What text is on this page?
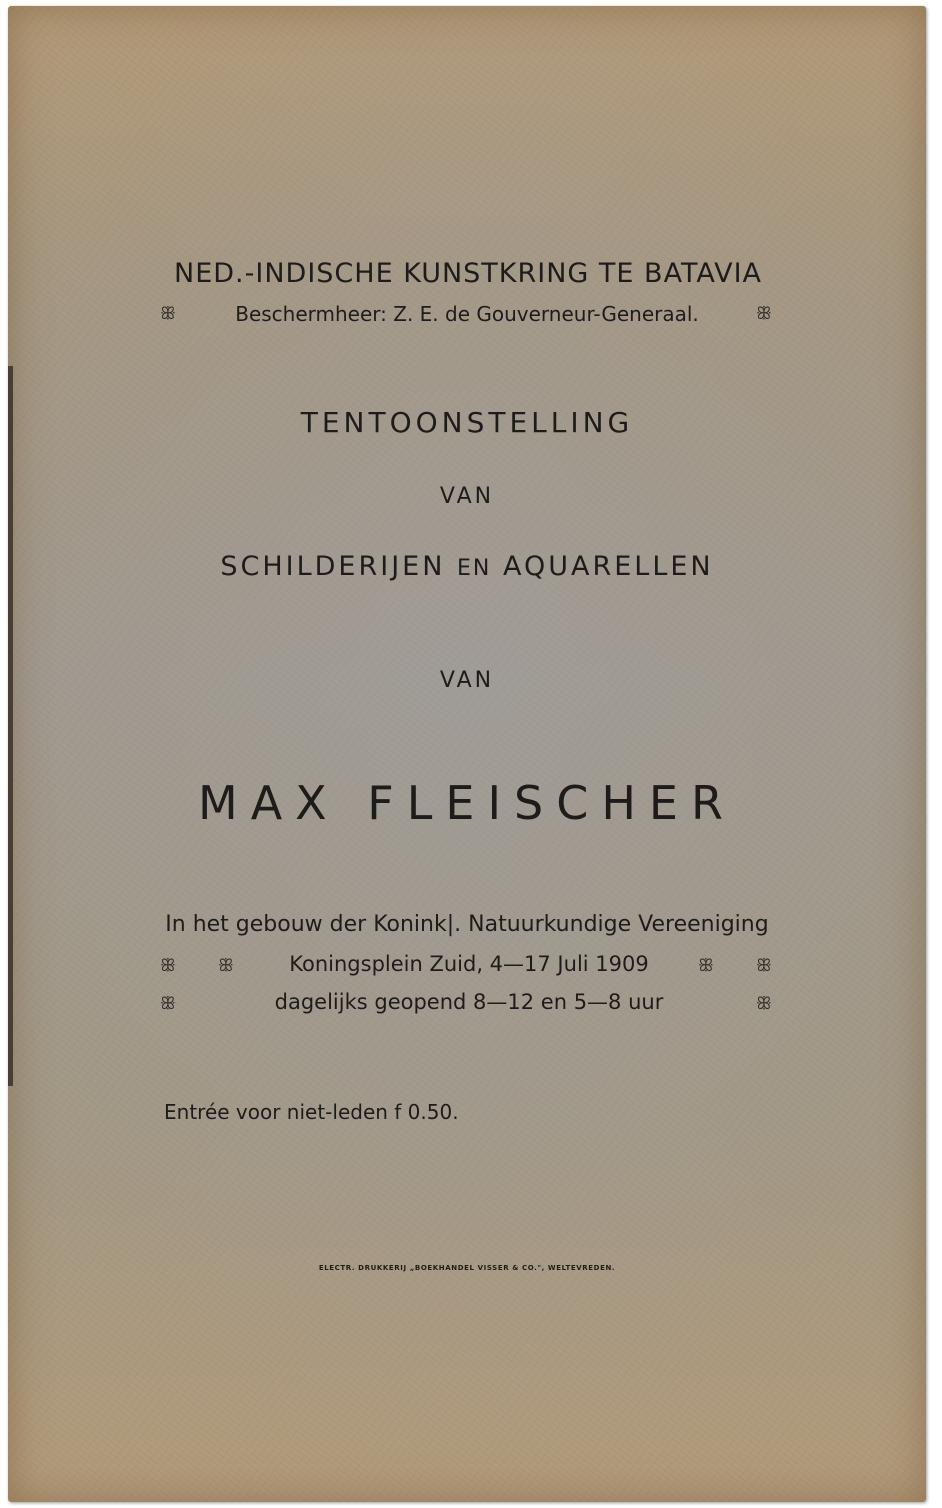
NED.-INDISCHE KUNSTKRING TE BATAVIA
ꕥ	Beschermheer: Z. E. de Gouverneur-Generaal.	ꕥ
TENTOONSTELLING
VAN
SCHILDERIJEN EN AQUARELLEN
VAN
MAX FLEISCHER
In het gebouw der Konink|. Natuurkundige Vereeniging
ꕥ ꕥ	Koningsplein Zuid, 4—17 Juli 1909	ꕥ ꕥ
ꕥ	dagelijks geopend 8—12 en 5—8 uur	ꕥ
Entrée voor niet-leden f 0.50.
ELECTR. DRUKKERIJ „BOEKHANDEL VISSER & CO.", WELTEVREDEN.
